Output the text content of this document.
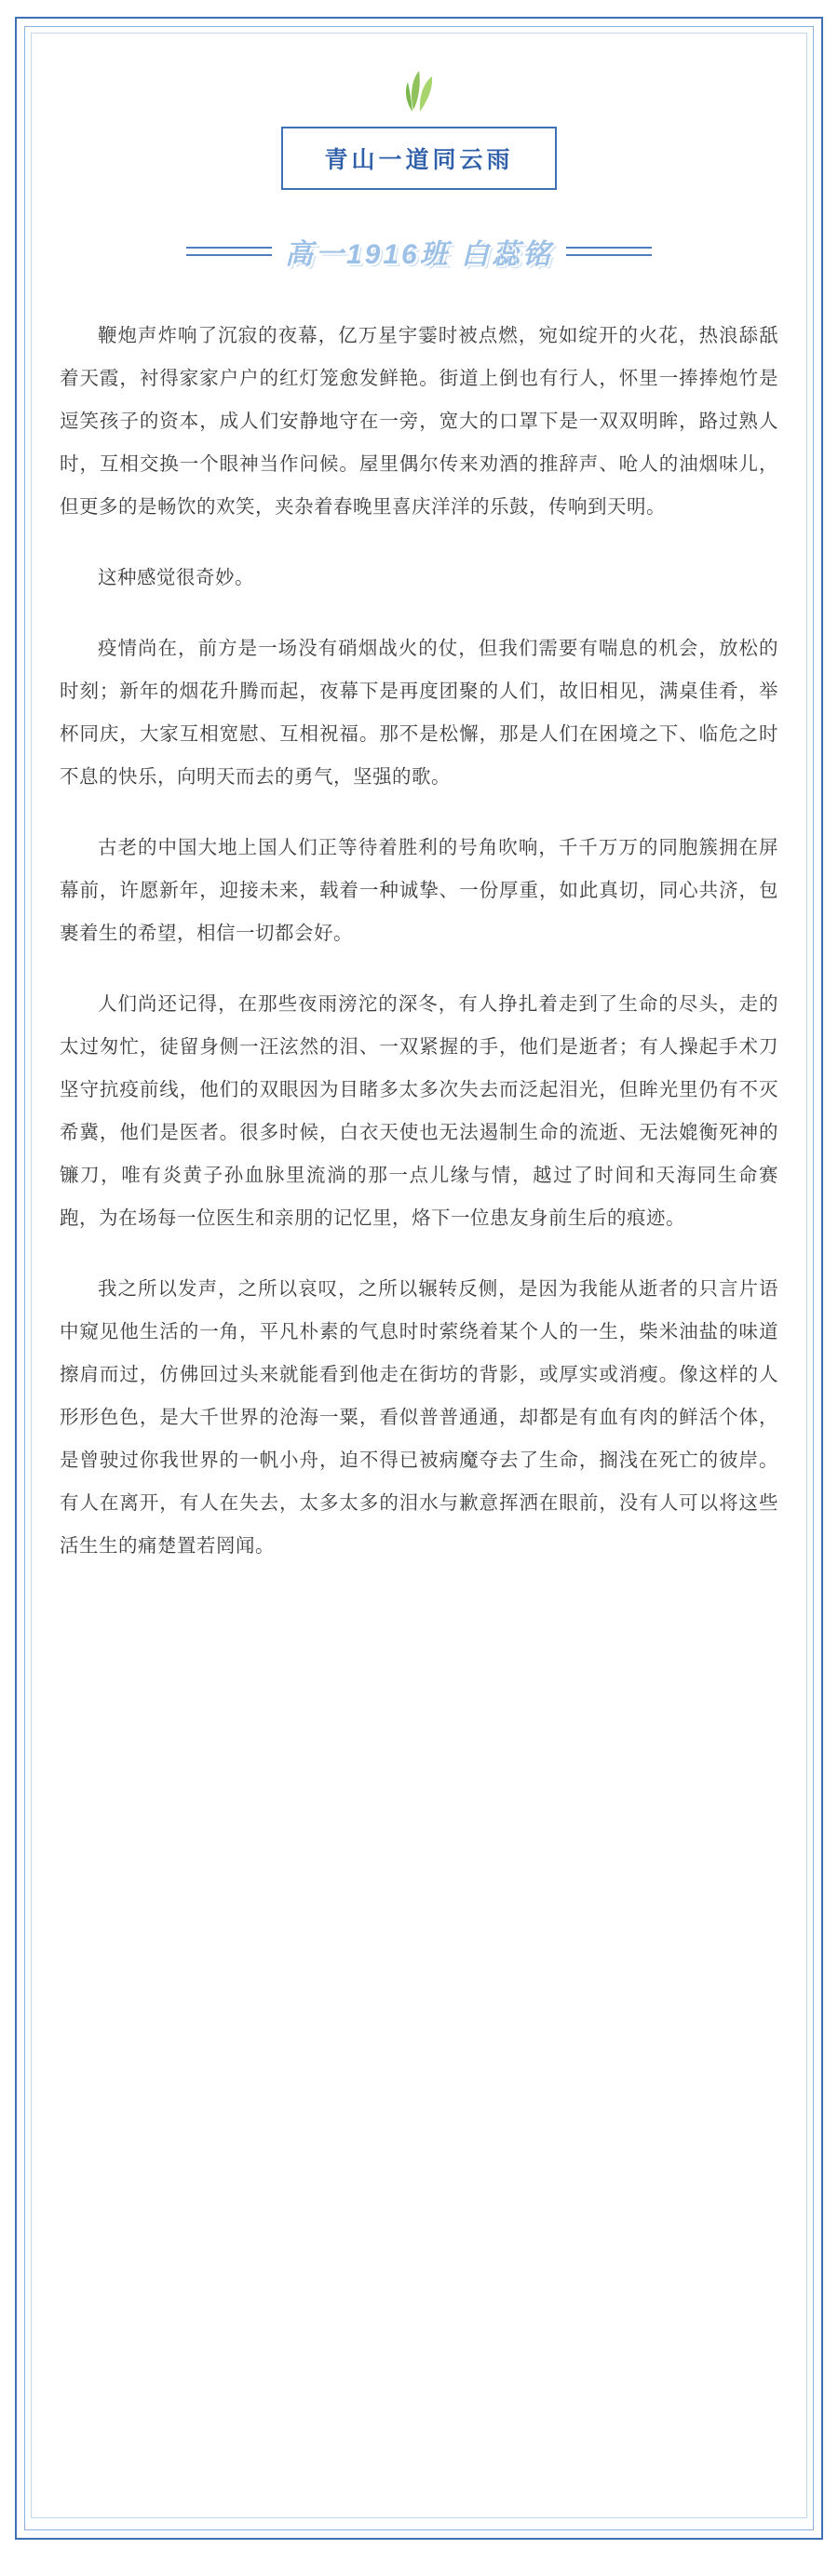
青山一道同云雨
高一1916班 白蕊铭

鞭炮声炸响了沉寂的夜幕，亿万星宇霎时被点燃，宛如绽开的火花，热浪舔舐着天霞，衬得家家户户的红灯笼愈发鲜艳。街道上倒也有行人，怀里一捧捧炮竹是逗笑孩子的资本，成人们安静地守在一旁，宽大的口罩下是一双双明眸，路过熟人时，互相交换一个眼神当作问候。屋里偶尔传来劝酒的推辞声、呛人的油烟味儿，但更多的是畅饮的欢笑，夹杂着春晚里喜庆洋洋的乐鼓，传响到天明。

这种感觉很奇妙。

疫情尚在，前方是一场没有硝烟战火的仗，但我们需要有喘息的机会，放松的时刻；新年的烟花升腾而起，夜幕下是再度团聚的人们，故旧相见，满桌佳肴，举杯同庆，大家互相宽慰、互相祝福。那不是松懈，那是人们在困境之下、临危之时不息的快乐，向明天而去的勇气，坚强的歌。

古老的中国大地上国人们正等待着胜利的号角吹响，千千万万的同胞簇拥在屏幕前，许愿新年，迎接未来，载着一种诚挚、一份厚重，如此真切，同心共济，包裹着生的希望，相信一切都会好。

人们尚还记得，在那些夜雨滂沱的深冬，有人挣扎着走到了生命的尽头，走的太过匆忙，徒留身侧一汪泫然的泪、一双紧握的手，他们是逝者；有人操起手术刀坚守抗疫前线，他们的双眼因为目睹多太多次失去而泛起泪光，但眸光里仍有不灭希冀，他们是医者。很多时候，白衣天使也无法遏制生命的流逝、无法媲衡死神的镰刀，唯有炎黄子孙血脉里流淌的那一点儿缘与情，越过了时间和天海同生命赛跑，为在场每一位医生和亲朋的记忆里，烙下一位患友身前生后的痕迹。

我之所以发声，之所以哀叹，之所以辗转反侧，是因为我能从逝者的只言片语中窥见他生活的一角，平凡朴素的气息时时萦绕着某个人的一生，柴米油盐的味道擦肩而过，仿佛回过头来就能看到他走在街坊的背影，或厚实或消瘦。像这样的人形形色色，是大千世界的沧海一粟，看似普普通通，却都是有血有肉的鲜活个体，是曾驶过你我世界的一帆小舟，迫不得已被病魔夺去了生命，搁浅在死亡的彼岸。有人在离开，有人在失去，太多太多的泪水与歉意挥洒在眼前，没有人可以将这些活生生的痛楚置若罔闻。
